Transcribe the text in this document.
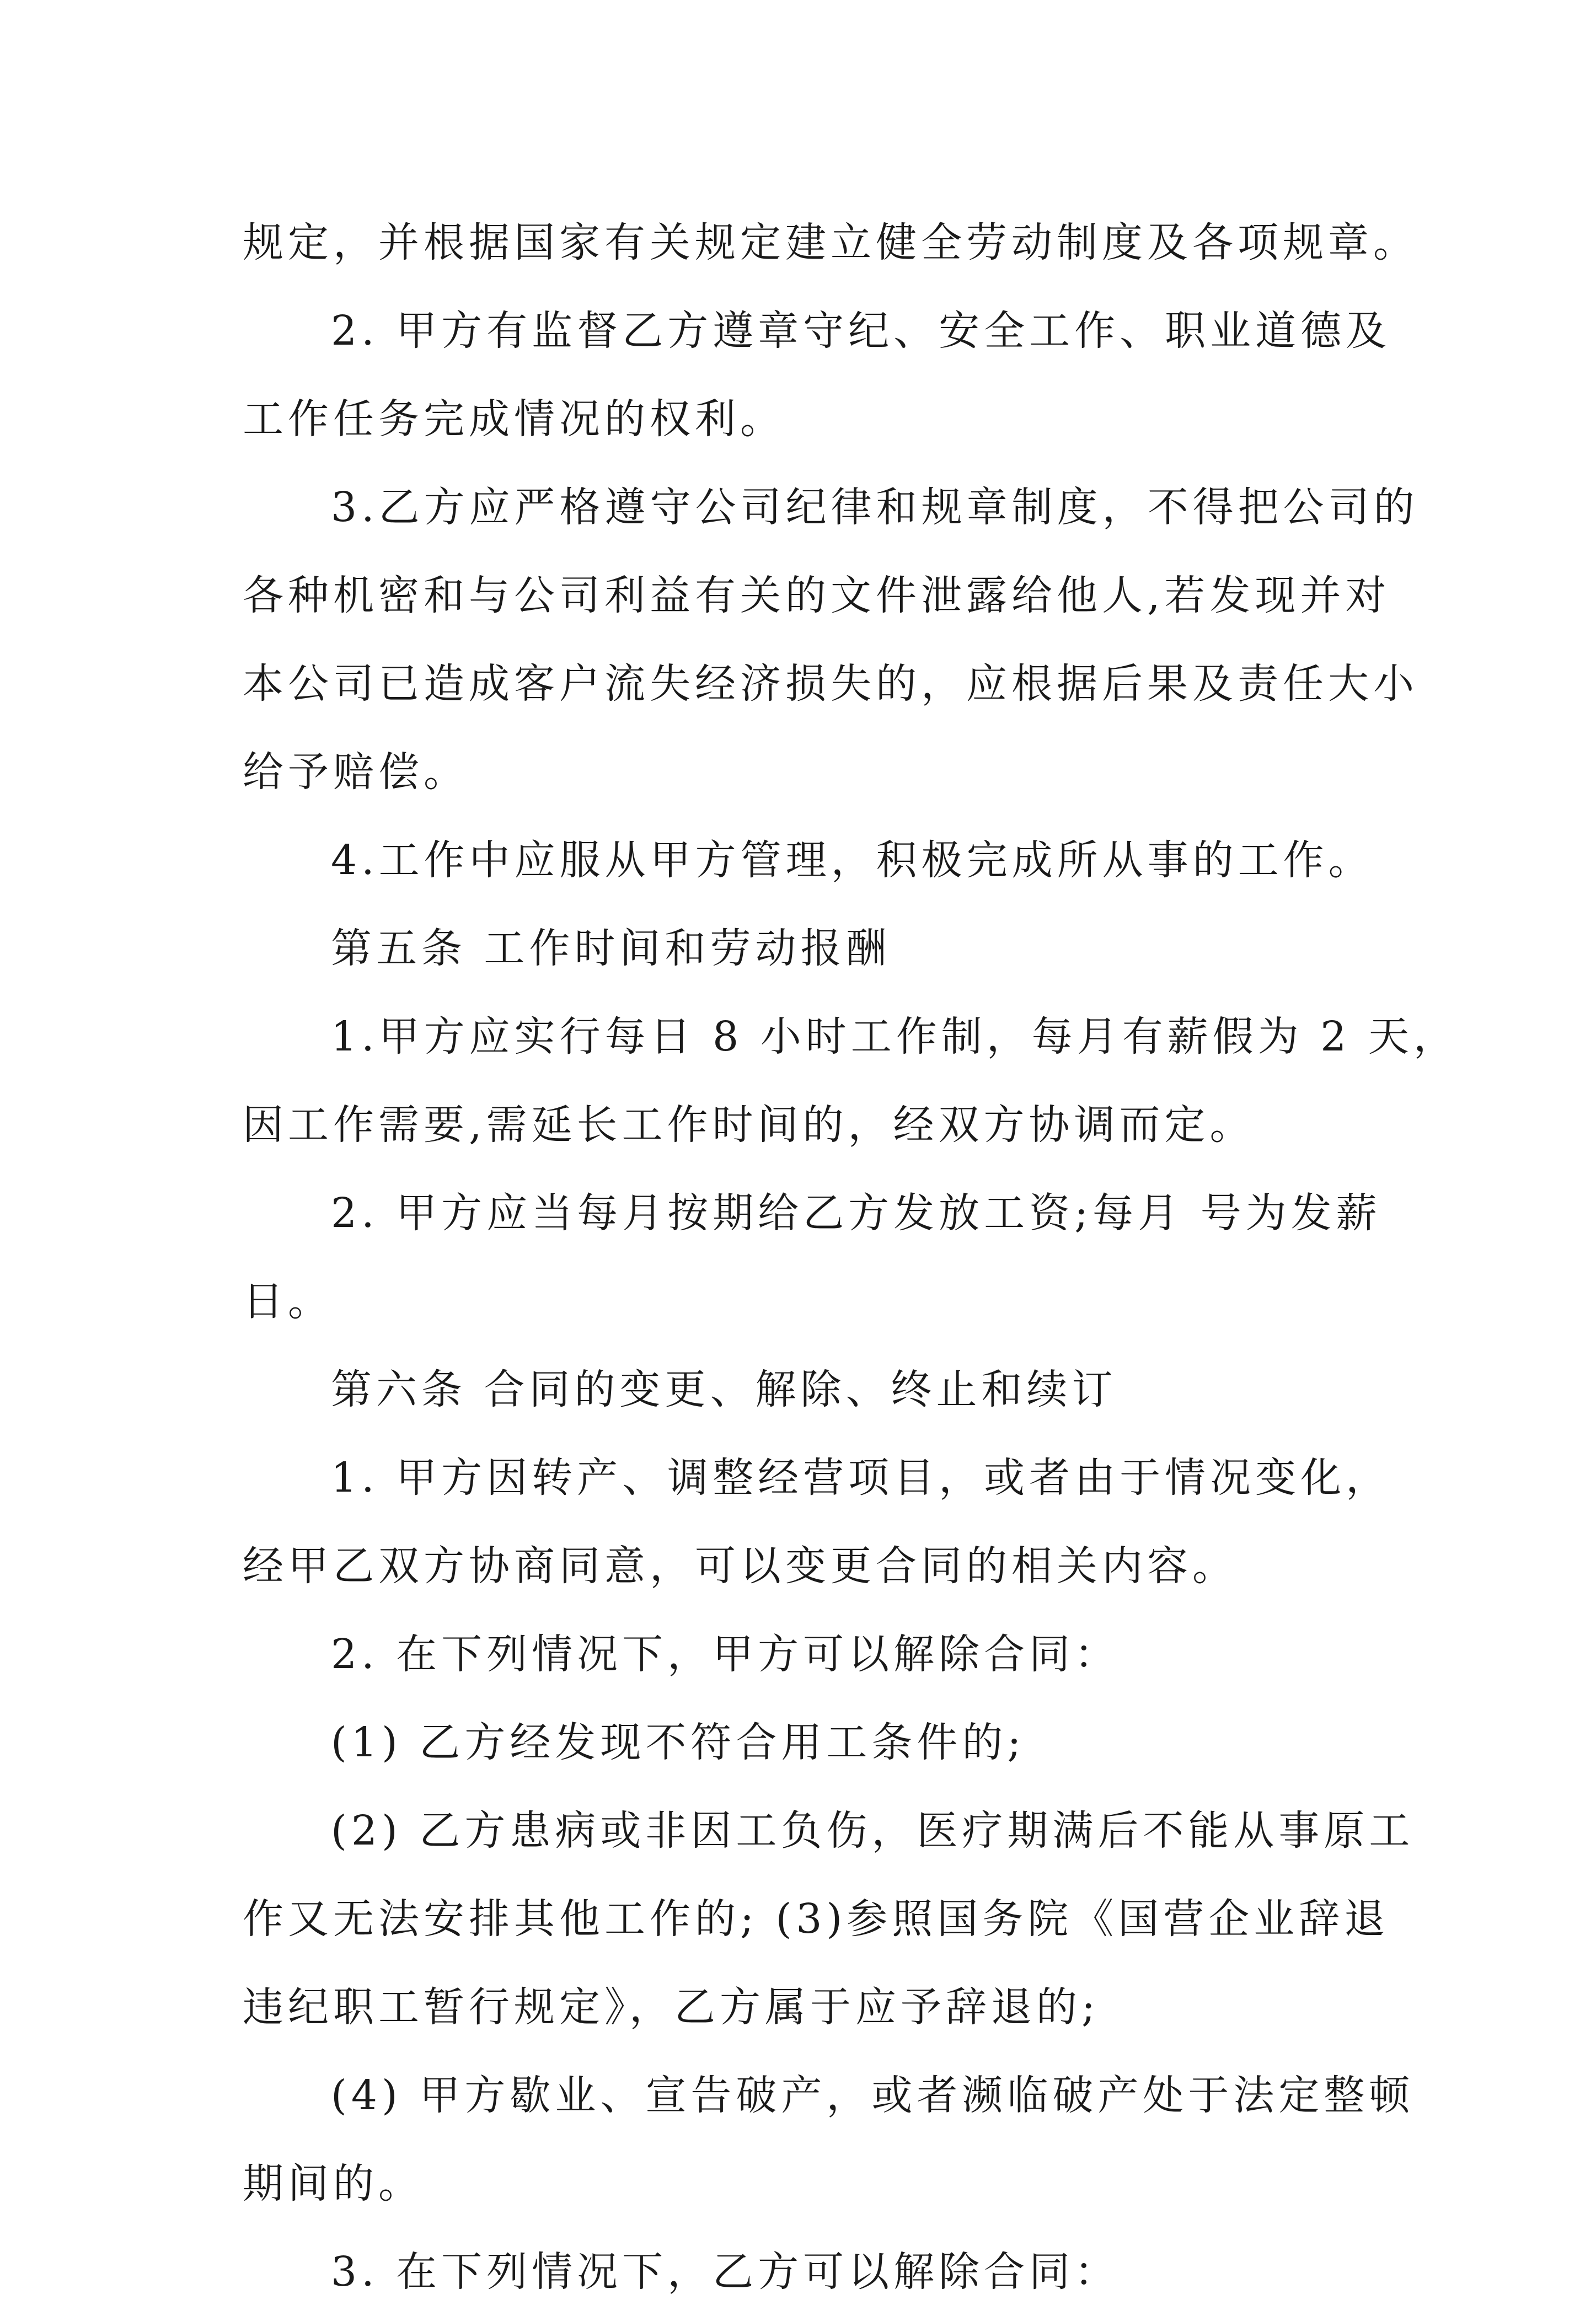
规定，并根据国家有关规定建立健全劳动制度及各项规章。
2. 甲方有监督乙方遵章守纪、安全工作、职业道德及
工作任务完成情况的权利。
3.乙方应严格遵守公司纪律和规章制度，不得把公司的
各种机密和与公司利益有关的文件泄露给他人,若发现并对
本公司已造成客户流失经济损失的，应根据后果及责任大小
给予赔偿。
4.工作中应服从甲方管理，积极完成所从事的工作。
第五条 工作时间和劳动报酬
1.甲方应实行每日 8 小时工作制，每月有薪假为 2 天，
因工作需要,需延长工作时间的，经双方协调而定。
2. 甲方应当每月按期给乙方发放工资;每月 号为发薪
日。
第六条 合同的变更、解除、终止和续订
1. 甲方因转产、调整经营项目，或者由于情况变化，
经甲乙双方协商同意，可以变更合同的相关内容。
2. 在下列情况下，甲方可以解除合同：
(1) 乙方经发现不符合用工条件的;
(2) 乙方患病或非因工负伤，医疗期满后不能从事原工
作又无法安排其他工作的; (3)参照国务院《国营企业辞退
违纪职工暂行规定》，乙方属于应予辞退的;
(4) 甲方歇业、宣告破产，或者濒临破产处于法定整顿
期间的。
3. 在下列情况下，乙方可以解除合同：
